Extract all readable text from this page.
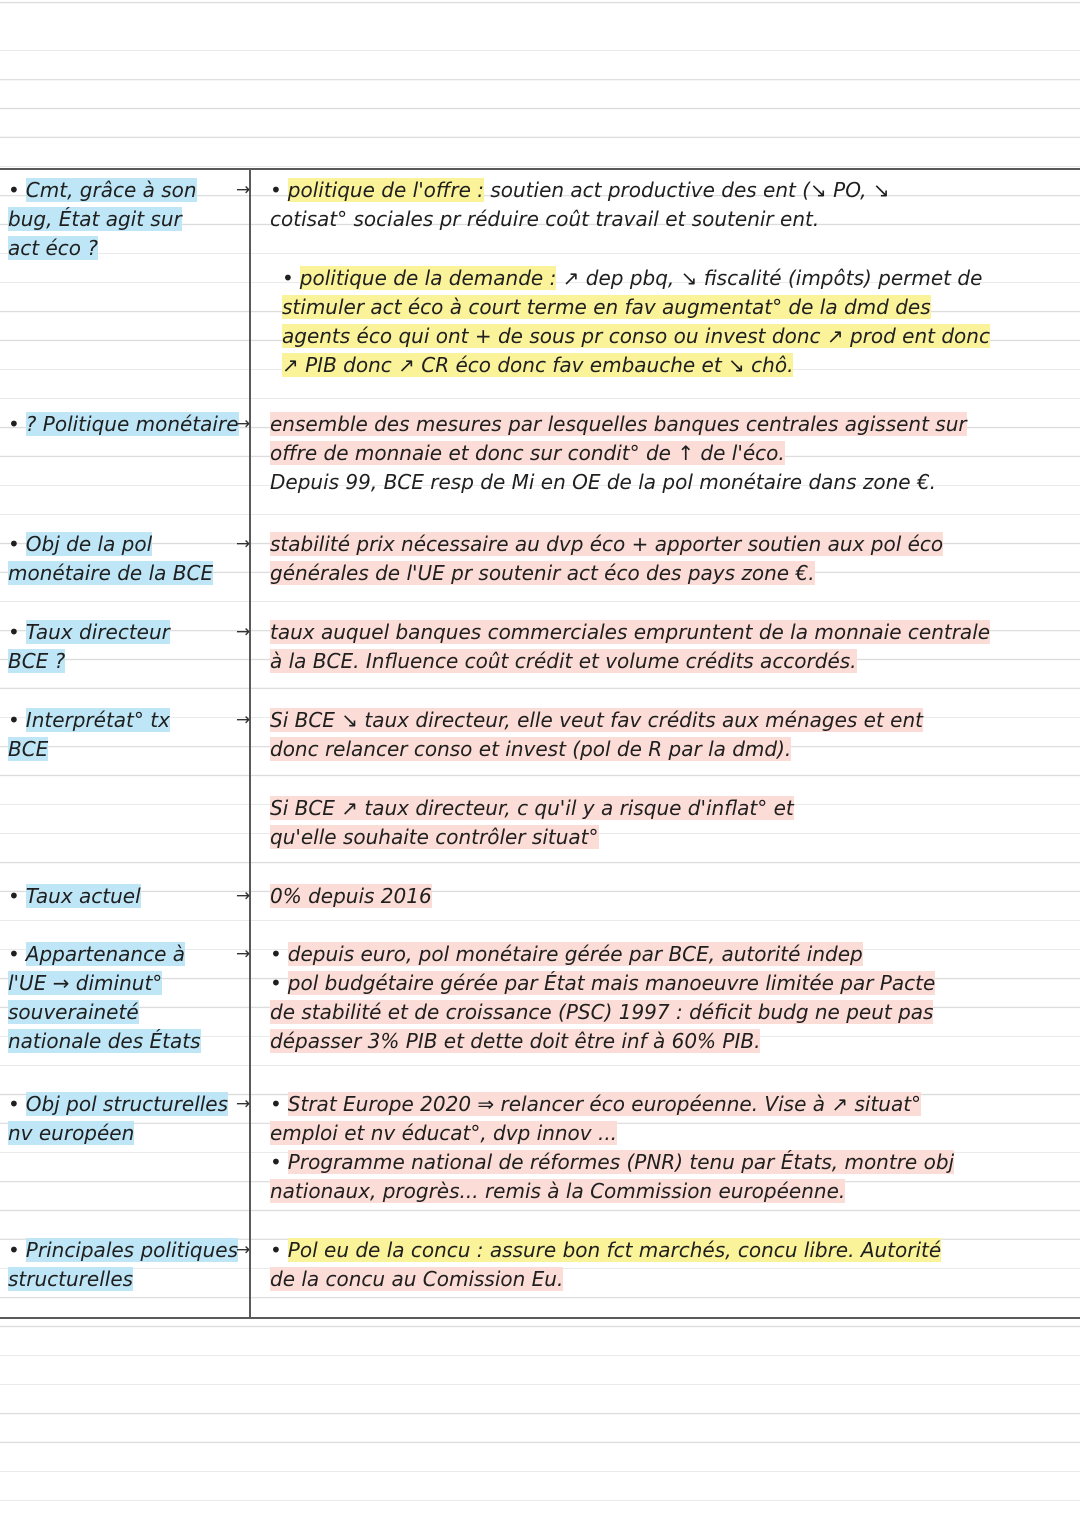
• Cmt, grâce à son
bug, État agit sur
act éco ?
→ • politique de l'offre : soutien act productive des ent (↘ PO, ↘
cotisat° sociales pr réduire coût travail et soutenir ent.
• politique de la demande : ↗ dep pbq, ↘ fiscalité (impôts) permet de
stimuler act éco à court terme en fav augmentat° de la dmd des
agents éco qui ont + de sous pr conso ou invest donc ↗ prod ent donc
↗ PIB donc ↗ CR éco donc fav embauche et ↘ chô.
• ? Politique monétaire
→ ensemble des mesures par lesquelles banques centrales agissent sur
offre de monnaie et donc sur condit° de ↑ de l'éco.
Depuis 99, BCE resp de Mi en OE de la pol monétaire dans zone €.
• Obj de la pol
monétaire de la BCE
→ stabilité prix nécessaire au dvp éco + apporter soutien aux pol éco
générales de l'UE pr soutenir act éco des pays zone €.
• Taux directeur
BCE ?
→ taux auquel banques commerciales empruntent de la monnaie centrale
à la BCE. Influence coût crédit et volume crédits accordés.
• Interprétat° tx
BCE
→ Si BCE ↘ taux directeur, elle veut fav crédits aux ménages et ent
donc relancer conso et invest (pol de R par la dmd).
Si BCE ↗ taux directeur, c qu'il y a risque d'inflat° et
qu'elle souhaite contrôler situat°
• Taux actuel	→ 0% depuis 2016
• Appartenance à
l'UE → diminut°
souveraineté
nationale des États
→ • depuis euro, pol monétaire gérée par BCE, autorité indep
• pol budgétaire gérée par État mais manoeuvre limitée par Pacte
de stabilité et de croissance (PSC) 1997 : déficit budg ne peut pas
dépasser 3% PIB et dette doit être inf à 60% PIB.
• Obj pol structurelles
nv européen
→ • Strat Europe 2020 ⇒ relancer éco européenne. Vise à ↗ situat°
emploi et nv éducat°, dvp innov ...
• Programme national de réformes (PNR) tenu par États, montre obj
nationaux, progrès... remis à la Commission européenne.
• Principales politiques
structurelles
→ • Pol eu de la concu : assure bon fct marchés, concu libre. Autorité
de la concu au Comission Eu.
